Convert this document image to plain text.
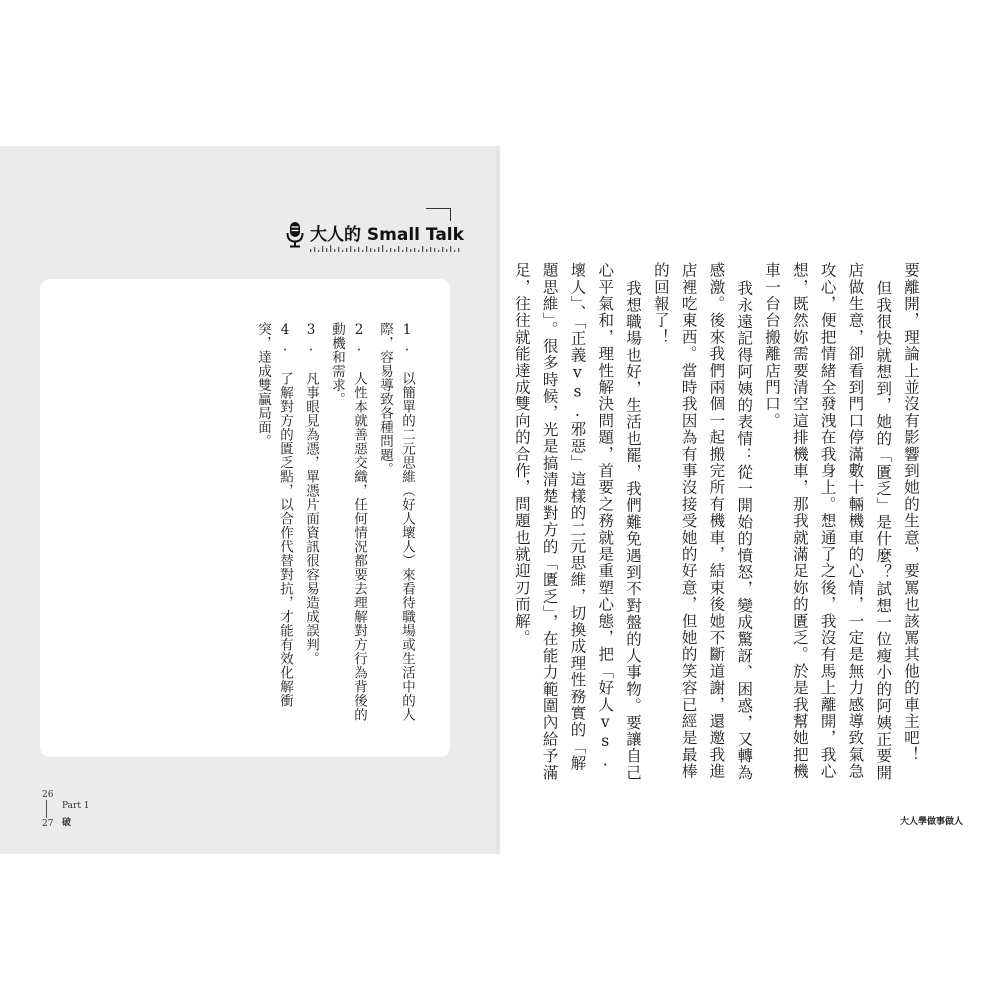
大人的 Small Talk

1. 以簡單的二元思維（好人壞人）來看待職場或生活中的人際，容易導致各種問題。

2. 人性本就善惡交織，任何情況都要去理解對方行為背後的動機和需求。

3. 凡事眼見為憑，單憑片面資訊很容易造成誤判。

4. 了解對方的匱乏點，以合作代替對抗，才能有效化解衝突，達成雙贏局面。	要離開，理論上並沒有影響到她的生意，要罵也該罵其他的車主吧！

但我很快就想到，她的「匱乏」是什麼？試想一位瘦小的阿姨正要開店做生意，卻看到門口停滿數十輛機車的心情，一定是無力感導致氣急攻心，便把情緒全發洩在我身上。想通了之後，我沒有馬上離開，我心想，既然妳需要清空這排機車，那我就滿足妳的匱乏。於是我幫她把機車一台台搬離店門口。

我永遠記得阿姨的表情：從一開始的憤怒，變成驚訝、困惑，又轉為感激。後來我們兩個一起搬完所有機車，結束後她不斷道謝，還邀我進店裡吃東西。當時我因為有事沒接受她的好意，但她的笑容已經是最棒的回報了！

我想職場也好，生活也罷，我們難免遇到不對盤的人事物。要讓自己心平氣和，理性解決問題，首要之務就是重塑心態，把「好人vs.壞人」、「正義vs.邪惡」這樣的二元思維，切換成理性務實的「解題思維」。很多時候，光是搞清楚對方的「匱乏」，在能力範圍內給予滿足，往往就能達成雙向的合作，問題也就迎刃而解。

26
27
Part 1
破	大人學做事做人
